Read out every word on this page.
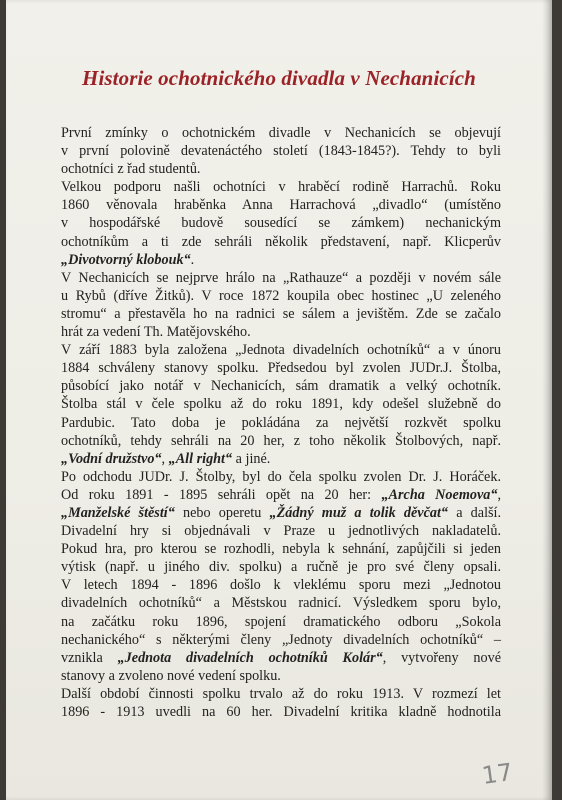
Historie ochotnického divadla v Nechanicích

První zmínky o ochotnickém divadle v Nechanicích se objevují

v první polovině devatenáctého století (1843-1845?). Tehdy to byli

ochotníci z řad studentů.

Velkou podporu našli ochotníci v hraběcí rodině Harrachů. Roku

1860 věnovala hraběnka Anna Harrachová „divadlo“ (umístěno

v hospodářské budově sousedící se zámkem) nechanickým

ochotníkům a ti zde sehráli několik představení, např. Klicperův

„Divotvorný klobouk“.

V Nechanicích se nejprve hrálo na „Rathauze“ a později v novém sále

u Rybů (dříve Žitků). V roce 1872 koupila obec hostinec „U zeleného

stromu“ a přestavěla ho na radnici se sálem a jevištěm. Zde se začalo

hrát za vedení Th. Matějovského.

V září 1883 byla založena „Jednota divadelních ochotníků“ a v únoru

1884 schváleny stanovy spolku. Předsedou byl zvolen JUDr.J. Štolba,

působící jako notář v Nechanicích, sám dramatik a velký ochotník.

Štolba stál v čele spolku až do roku 1891, kdy odešel služebně do

Pardubic. Tato doba je pokládána za největší rozkvět spolku

ochotníků, tehdy sehráli na 20 her, z toho několik Štolbových, např.

„Vodní družstvo“, „All right“ a jiné.

Po odchodu JUDr. J. Štolby, byl do čela spolku zvolen Dr. J. Horáček.

Od roku 1891 - 1895 sehráli opět na 20 her: „Archa Noemova“,

„Manželské štěstí“ nebo operetu „Žádný muž a tolik děvčat“ a další.

Divadelní hry si objednávali v Praze u jednotlivých nakladatelů.

Pokud hra, pro kterou se rozhodli, nebyla k sehnání, zapůjčili si jeden

výtisk (např. u jiného div. spolku) a ručně je pro své členy opsali.

V letech 1894 - 1896 došlo k vleklému sporu mezi „Jednotou

divadelních ochotníků“ a Městskou radnicí. Výsledkem sporu bylo,

na začátku roku 1896, spojení dramatického odboru „Sokola

nechanického“ s některými členy „Jednoty divadelních ochotníků“ –

vznikla „Jednota divadelních ochotníků Kolár“, vytvořeny nové

stanovy a zvoleno nové vedení spolku.

Další období činnosti spolku trvalo až do roku 1913. V rozmezí let

1896 - 1913 uvedli na 60 her. Divadelní kritika kladně hodnotila

17
